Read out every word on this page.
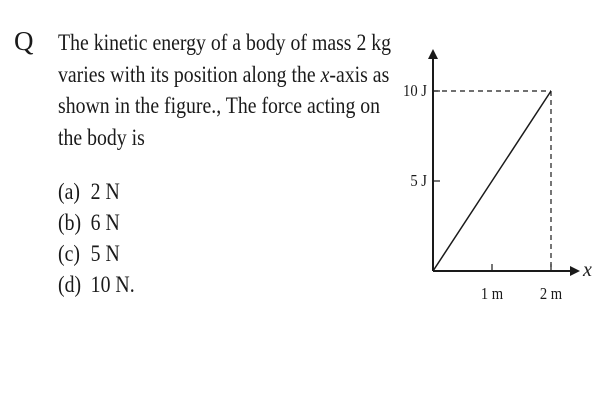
Q The kinetic energy of a body of mass 2 kg
varies with its position along the x-axis as
shown in the figure., The force acting on
the body is
(a) 2 N
(b) 6 N
(c) 5 N
(d) 10 N.
x
5 J
10 J
1 m 2 m
